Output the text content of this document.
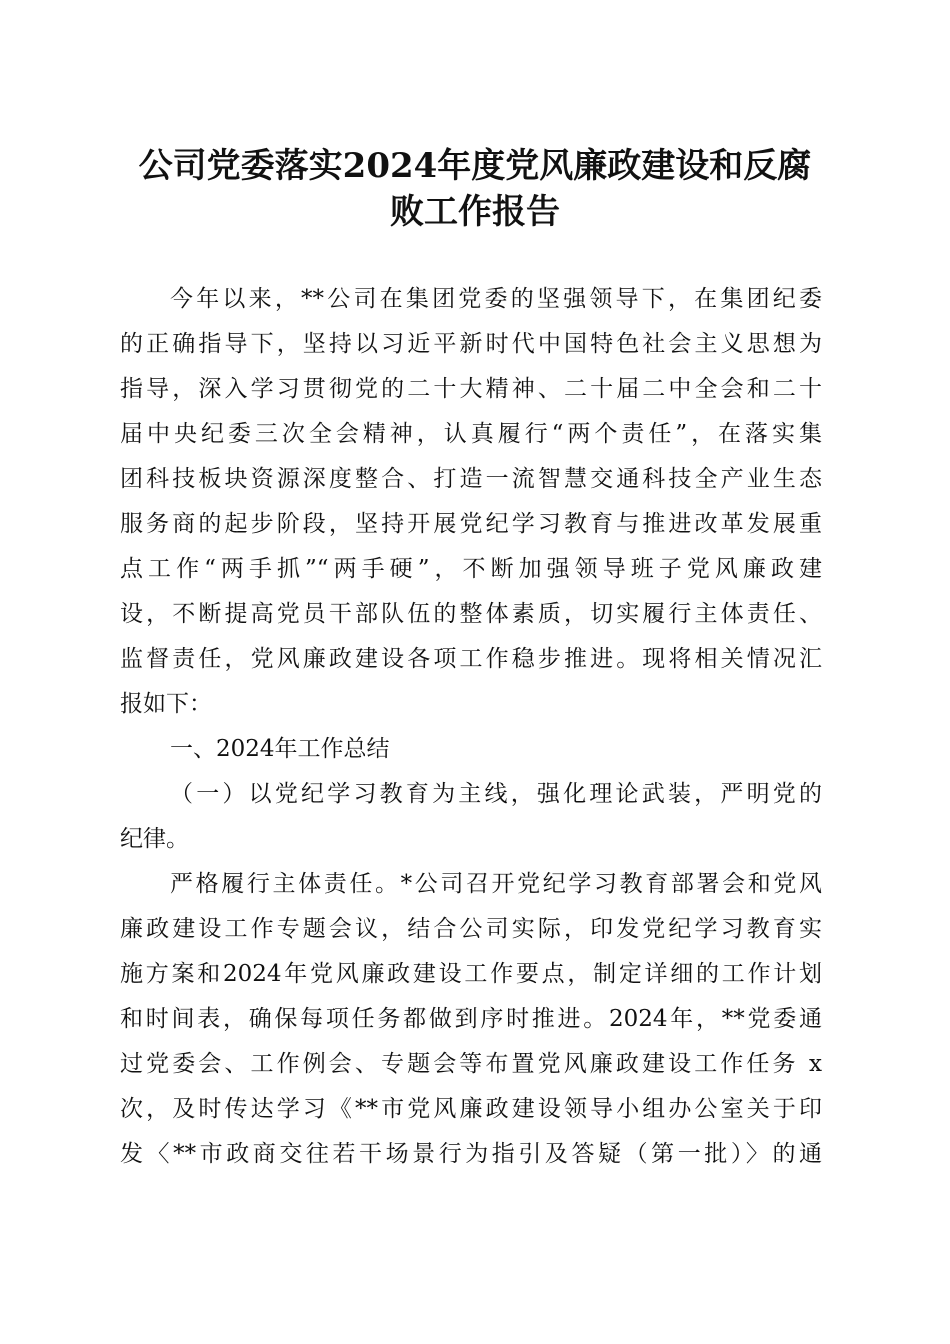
公司党委落实2024年度党风廉政建设和反腐
败工作报告
今年以来，**公司在集团党委的坚强领导下，在集团纪委
的正确指导下，坚持以习近平新时代中国特色社会主义思想为
指导，深入学习贯彻党的二十大精神、二十届二中全会和二十
届中央纪委三次全会精神，认真履行“两个责任”，在落实集
团科技板块资源深度整合、打造一流智慧交通科技全产业生态
服务商的起步阶段，坚持开展党纪学习教育与推进改革发展重
点工作“两手抓”“两手硬”，不断加强领导班子党风廉政建
设，不断提高党员干部队伍的整体素质，切实履行主体责任、
监督责任，党风廉政建设各项工作稳步推进。现将相关情况汇
报如下：
一、2024年工作总结
（一）以党纪学习教育为主线，强化理论武装，严明党的
纪律。
严格履行主体责任。*公司召开党纪学习教育部署会和党风
廉政建设工作专题会议，结合公司实际，印发党纪学习教育实
施方案和2024年党风廉政建设工作要点，制定详细的工作计划
和时间表，确保每项任务都做到序时推进。2024年，**党委通
过党委会、工作例会、专题会等布置党风廉政建设工作任务 x
次，及时传达学习《**市党风廉政建设领导小组办公室关于印
发〈**市政商交往若干场景行为指引及答疑（第一批）〉的通
